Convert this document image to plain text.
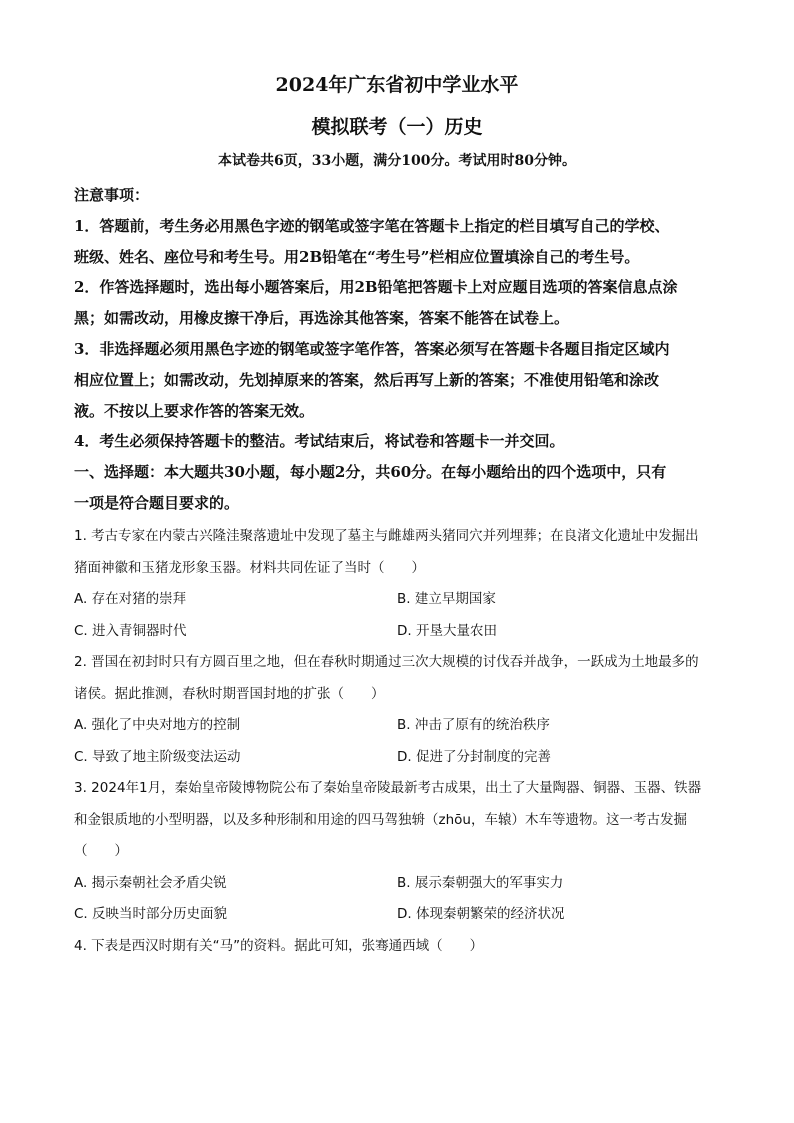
2024年广东省初中学业水平
模拟联考（一）历史
本试卷共6页，33小题，满分100分。考试用时80分钟。

注意事项：

1．答题前，考生务必用黑色字迹的钢笔或签字笔在答题卡上指定的栏目填写自己的学校、

班级、姓名、座位号和考生号。用2B铅笔在“考生号”栏相应位置填涂自己的考生号。

2．作答选择题时，选出每小题答案后，用2B铅笔把答题卡上对应题目选项的答案信息点涂

黑；如需改动，用橡皮擦干净后，再选涂其他答案，答案不能答在试卷上。

3．非选择题必须用黑色字迹的钢笔或签字笔作答，答案必须写在答题卡各题目指定区域内

相应位置上；如需改动，先划掉原来的答案，然后再写上新的答案；不准使用铅笔和涂改

液。不按以上要求作答的答案无效。

4．考生必须保持答题卡的整洁。考试结束后，将试卷和答题卡一并交回。

一、选择题：本大题共30小题，每小题2分，共60分。在每小题给出的四个选项中，只有

一项是符合题目要求的。

1. 考古专家在内蒙古兴隆洼聚落遗址中发现了墓主与雌雄两头猪同穴并列埋葬；在良渚文化遗址中发掘出

猪面神徽和玉猪龙形象玉器。材料共同佐证了当时（　　）

A. 存在对猪的崇拜	B. 建立早期国家
C. 进入青铜器时代	D. 开垦大量农田

2. 晋国在初封时只有方圆百里之地，但在春秋时期通过三次大规模的讨伐吞并战争，一跃成为土地最多的

诸侯。据此推测，春秋时期晋国封地的扩张（　　）

A. 强化了中央对地方的控制	B. 冲击了原有的统治秩序
C. 导致了地主阶级变法运动	D. 促进了分封制度的完善

3. 2024年1月，秦始皇帝陵博物院公布了秦始皇帝陵最新考古成果，出土了大量陶器、铜器、玉器、铁器

和金银质地的小型明器，以及多种形制和用途的四马驾独辀（zhōu，车辕）木车等遗物。这一考古发掘

（　　）

A. 揭示秦朝社会矛盾尖锐	B. 展示秦朝强大的军事实力
C. 反映当时部分历史面貌	D. 体现秦朝繁荣的经济状况

4. 下表是西汉时期有关“马”的资料。据此可知，张骞通西域（　　）
